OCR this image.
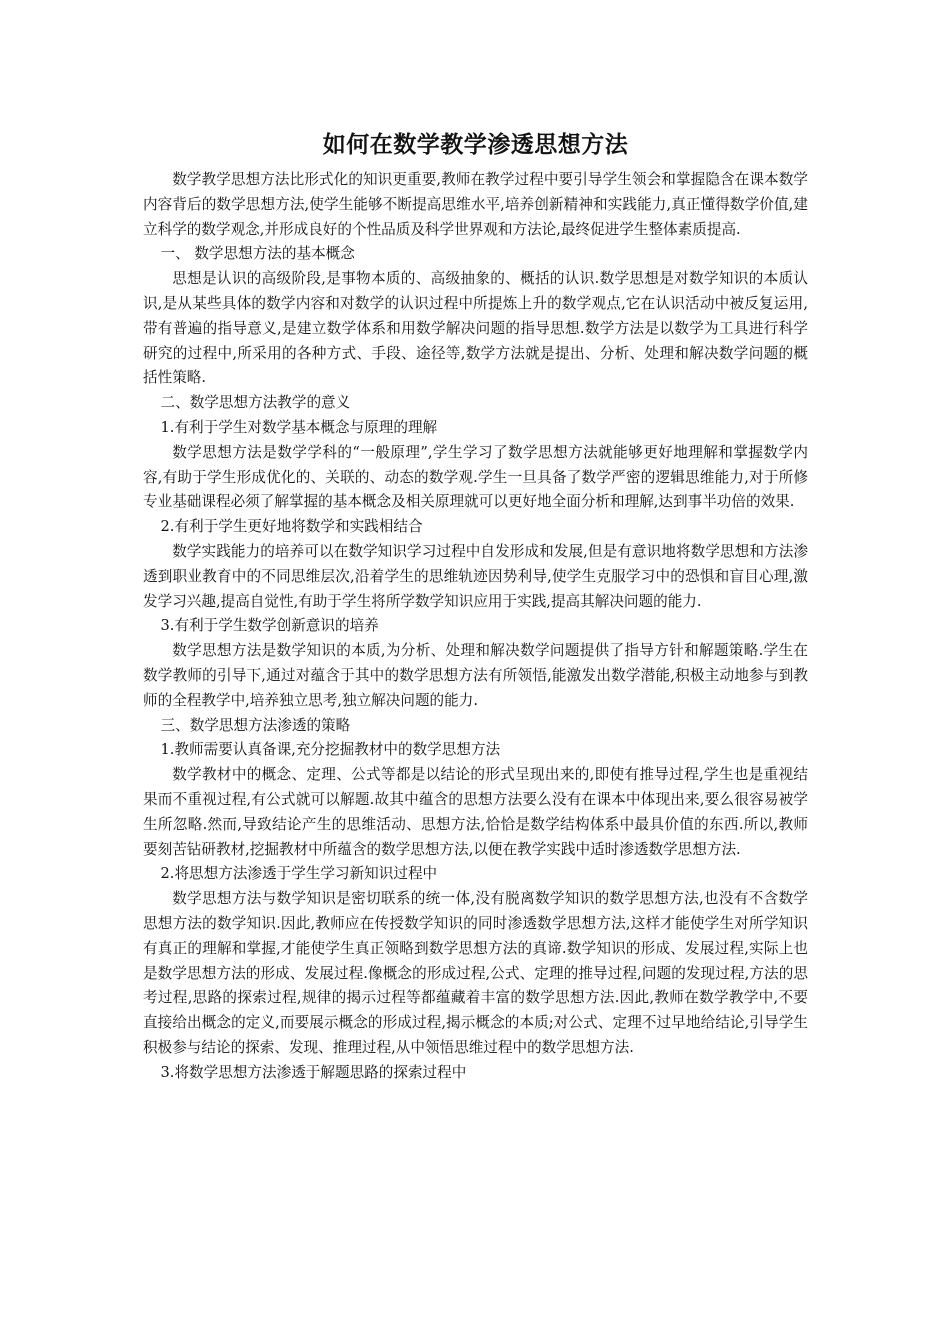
如何在数学教学渗透思想方法

数学教学思想方法比形式化的知识更重要,教师在教学过程中要引导学生领会和掌握隐含在课本数学内容背后的数学思想方法,使学生能够不断提高思维水平,培养创新精神和实践能力,真正懂得数学价值,建立科学的数学观念,并形成良好的个性品质及科学世界观和方法论,最终促进学生整体素质提高.

一、 数学思想方法的基本概念

思想是认识的高级阶段,是事物本质的、高级抽象的、概括的认识.数学思想是对数学知识的本质认识,是从某些具体的数学内容和对数学的认识过程中所提炼上升的数学观点,它在认识活动中被反复运用,带有普遍的指导意义,是建立数学体系和用数学解决问题的指导思想.数学方法是以数学为工具进行科学研究的过程中,所采用的各种方式、手段、途径等,数学方法就是提出、分析、处理和解决数学问题的概括性策略.

二、数学思想方法教学的意义

1.有利于学生对数学基本概念与原理的理解

数学思想方法是数学学科的“一般原理”,学生学习了数学思想方法就能够更好地理解和掌握数学内容,有助于学生形成优化的、关联的、动态的数学观.学生一旦具备了数学严密的逻辑思维能力,对于所修专业基础课程必须了解掌握的基本概念及相关原理就可以更好地全面分析和理解,达到事半功倍的效果.

2.有利于学生更好地将数学和实践相结合

数学实践能力的培养可以在数学知识学习过程中自发形成和发展,但是有意识地将数学思想和方法渗透到职业教育中的不同思维层次,沿着学生的思维轨迹因势利导,使学生克服学习中的恐惧和盲目心理,激发学习兴趣,提高自觉性,有助于学生将所学数学知识应用于实践,提高其解决问题的能力.

3.有利于学生数学创新意识的培养

数学思想方法是数学知识的本质,为分析、处理和解决数学问题提供了指导方针和解题策略.学生在数学教师的引导下,通过对蕴含于其中的数学思想方法有所领悟,能激发出数学潜能,积极主动地参与到教师的全程教学中,培养独立思考,独立解决问题的能力.

三、数学思想方法渗透的策略

1.教师需要认真备课,充分挖掘教材中的数学思想方法

数学教材中的概念、定理、公式等都是以结论的形式呈现出来的,即使有推导过程,学生也是重视结果而不重视过程,有公式就可以解题.故其中蕴含的思想方法要么没有在课本中体现出来,要么很容易被学生所忽略.然而,导致结论产生的思维活动、思想方法,恰恰是数学结构体系中最具价值的东西.所以,教师要刻苦钻研教材,挖掘教材中所蕴含的数学思想方法,以便在教学实践中适时渗透数学思想方法.

2.将思想方法渗透于学生学习新知识过程中

数学思想方法与数学知识是密切联系的统一体,没有脱离数学知识的数学思想方法,也没有不含数学思想方法的数学知识.因此,教师应在传授数学知识的同时渗透数学思想方法,这样才能使学生对所学知识有真正的理解和掌握,才能使学生真正领略到数学思想方法的真谛.数学知识的形成、发展过程,实际上也是数学思想方法的形成、发展过程.像概念的形成过程,公式、定理的推导过程,问题的发现过程,方法的思考过程,思路的探索过程,规律的揭示过程等都蕴藏着丰富的数学思想方法.因此,教师在数学教学中,不要直接给出概念的定义,而要展示概念的形成过程,揭示概念的本质;对公式、定理不过早地给结论,引导学生积极参与结论的探索、发现、推理过程,从中领悟思维过程中的数学思想方法.

3.将数学思想方法渗透于解题思路的探索过程中
